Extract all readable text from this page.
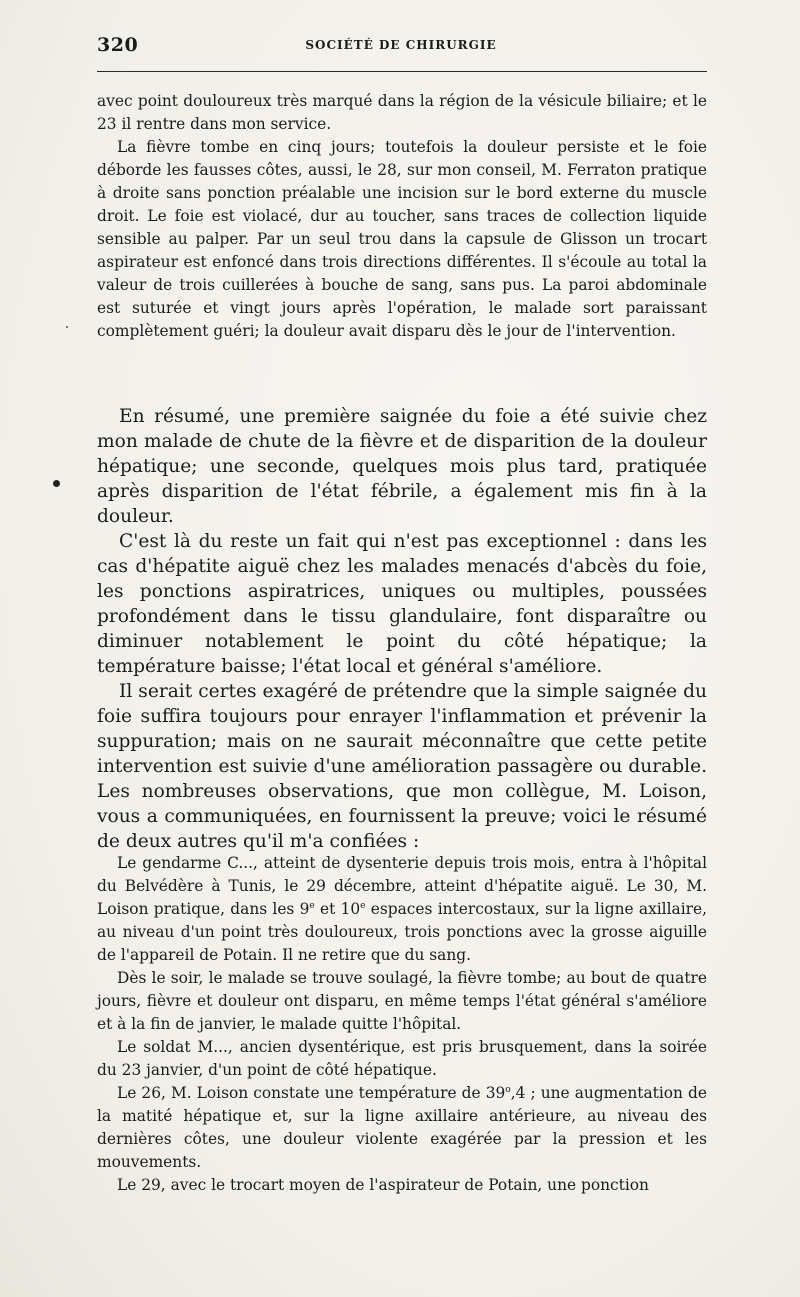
320	SOCIÉTÉ DE CHIRURGIE

avec point douloureux très marqué dans la région de la vésicule biliaire; et le 23 il rentre dans mon service.

La fièvre tombe en cinq jours; toutefois la douleur persiste et le foie déborde les fausses côtes, aussi, le 28, sur mon conseil, M. Ferraton pratique à droite sans ponction préalable une incision sur le bord externe du muscle droit. Le foie est violacé, dur au toucher, sans traces de collection liquide sensible au palper. Par un seul trou dans la capsule de Glisson un trocart aspirateur est enfoncé dans trois directions différentes. Il s'écoule au total la valeur de trois cuillerées à bouche de sang, sans pus. La paroi abdominale est suturée et vingt jours après l'opération, le malade sort paraissant complètement guéri; la douleur avait disparu dès le jour de l'intervention.

En résumé, une première saignée du foie a été suivie chez mon malade de chute de la fièvre et de disparition de la douleur hépatique; une seconde, quelques mois plus tard, pratiquée après disparition de l'état fébrile, a également mis fin à la douleur.

C'est là du reste un fait qui n'est pas exceptionnel : dans les cas d'hépatite aiguë chez les malades menacés d'abcès du foie, les ponctions aspiratrices, uniques ou multiples, poussées profondément dans le tissu glandulaire, font disparaître ou diminuer notablement le point du côté hépatique; la température baisse; l'état local et général s'améliore.

Il serait certes exagéré de prétendre que la simple saignée du foie suffira toujours pour enrayer l'inflammation et prévenir la suppuration; mais on ne saurait méconnaître que cette petite intervention est suivie d'une amélioration passagère ou durable. Les nombreuses observations, que mon collègue, M. Loison, vous a communiquées, en fournissent la preuve; voici le résumé de deux autres qu'il m'a confiées :

Le gendarme C..., atteint de dysenterie depuis trois mois, entra à l'hôpital du Belvédère à Tunis, le 29 décembre, atteint d'hépatite aiguë. Le 30, M. Loison pratique, dans les 9e et 10e espaces intercostaux, sur la ligne axillaire, au niveau d'un point très douloureux, trois ponctions avec la grosse aiguille de l'appareil de Potain. Il ne retire que du sang.

Dès le soir, le malade se trouve soulagé, la fièvre tombe; au bout de quatre jours, fièvre et douleur ont disparu, en même temps l'état général s'améliore et à la fin de janvier, le malade quitte l'hôpital.

Le soldat M..., ancien dysentérique, est pris brusquement, dans la soirée du 23 janvier, d'un point de côté hépatique.

Le 26, M. Loison constate une température de 39$^o$,4 ; une augmentation de la matité hépatique et, sur la ligne axillaire antérieure, au niveau des dernières côtes, une douleur violente exagérée par la pression et les mouvements.

Le 29, avec le trocart moyen de l'aspirateur de Potain, une ponction
